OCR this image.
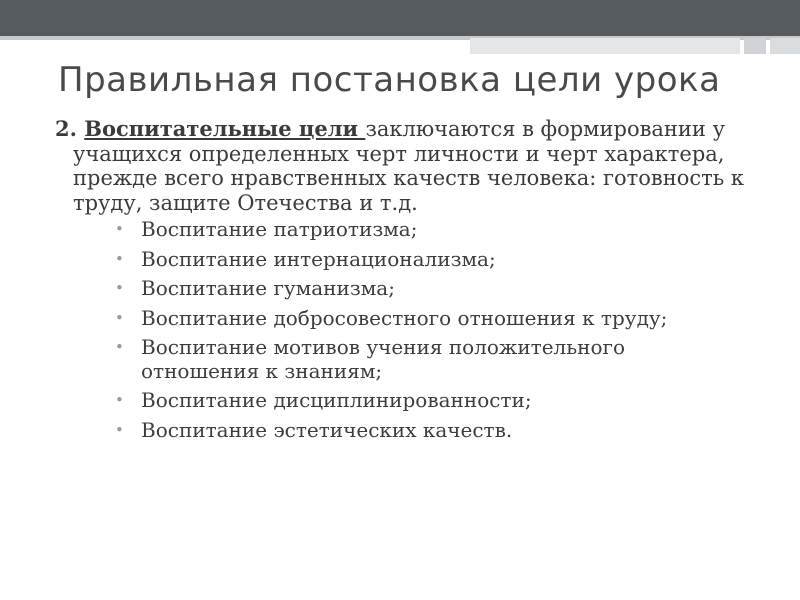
Правильная постановка цели урока

2. Воспитательные цели заключаются в формировании у учащихся определенных черт личности и черт характера, прежде всего нравственных качеств человека: готовность к труду, защите Отечества и т.д.

• Воспитание патриотизма;
• Воспитание интернационализма;
• Воспитание гуманизма;
• Воспитание добросовестного отношения к труду;
• Воспитание мотивов учения положительного отношения к знаниям;
• Воспитание дисциплинированности;
• Воспитание эстетических качеств.
